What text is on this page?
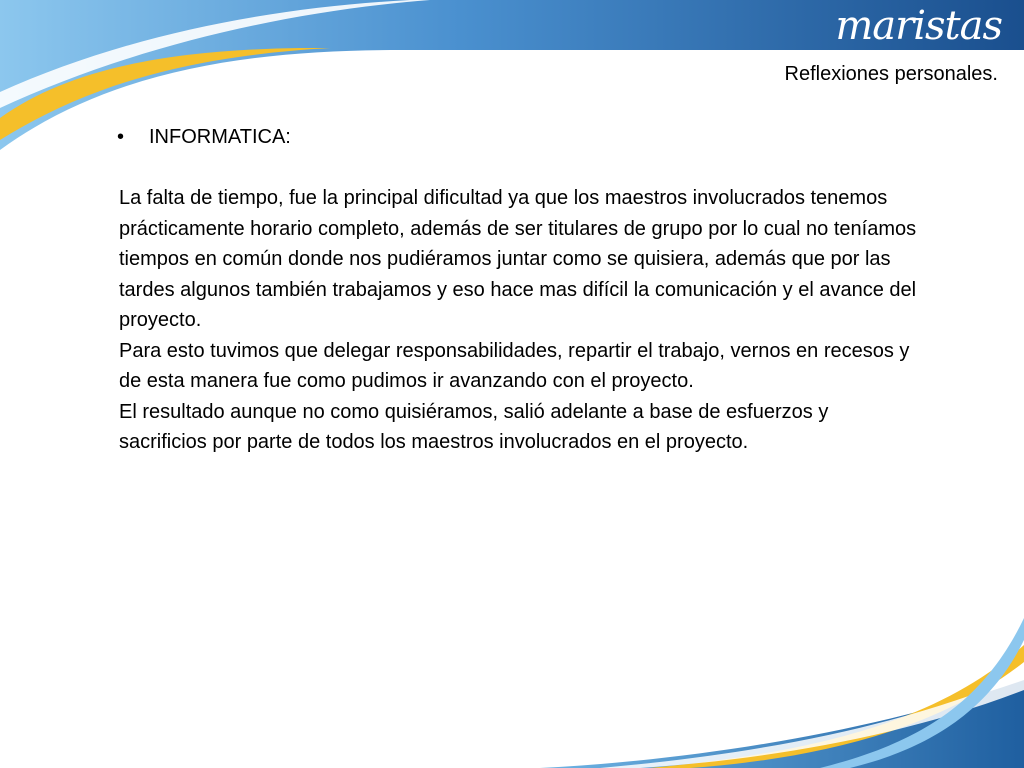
maristas
Reflexiones personales.
• INFORMATICA:

La falta de tiempo, fue la principal dificultad ya que los maestros involucrados tenemos prácticamente horario completo, además de ser titulares de grupo por lo cual no teníamos tiempos en común donde nos pudiéramos juntar como se quisiera, además que por las tardes algunos también trabajamos y eso hace mas difícil la comunicación y el avance del proyecto.

Para esto tuvimos que delegar responsabilidades, repartir el trabajo, vernos en recesos y de esta manera fue como pudimos ir avanzando con el proyecto.

El resultado aunque no como quisiéramos, salió adelante a base de esfuerzos y sacrificios por parte de todos los maestros involucrados en el proyecto.
